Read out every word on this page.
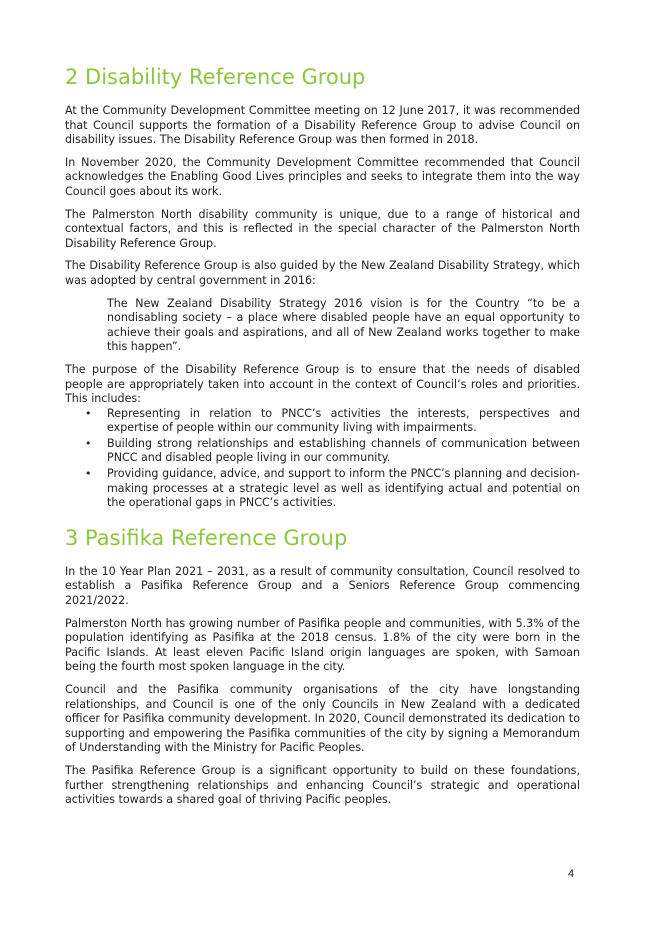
2 Disability Reference Group

At the Community Development Committee meeting on 12 June 2017, it was recommended that Council supports the formation of a Disability Reference Group to advise Council on disability issues. The Disability Reference Group was then formed in 2018.

In November 2020, the Community Development Committee recommended that Council acknowledges the Enabling Good Lives principles and seeks to integrate them into the way Council goes about its work.

The Palmerston North disability community is unique, due to a range of historical and contextual factors, and this is reflected in the special character of the Palmerston North Disability Reference Group.

The Disability Reference Group is also guided by the New Zealand Disability Strategy, which was adopted by central government in 2016:

The New Zealand Disability Strategy 2016 vision is for the Country “to be a nondisabling society – a place where disabled people have an equal opportunity to achieve their goals and aspirations, and all of New Zealand works together to make this happen”.

The purpose of the Disability Reference Group is to ensure that the needs of disabled people are appropriately taken into account in the context of Council’s roles and priorities. This includes:

• Representing in relation to PNCC’s activities the interests, perspectives and expertise of people within our community living with impairments.
• Building strong relationships and establishing channels of communication between PNCC and disabled people living in our community.
• Providing guidance, advice, and support to inform the PNCC’s planning and decision-making processes at a strategic level as well as identifying actual and potential on the operational gaps in PNCC’s activities.
3 Pasifika Reference Group

In the 10 Year Plan 2021 – 2031, as a result of community consultation, Council resolved to establish a Pasifika Reference Group and a Seniors Reference Group commencing 2021/2022.

Palmerston North has growing number of Pasifika people and communities, with 5.3% of the population identifying as Pasifika at the 2018 census. 1.8% of the city were born in the Pacific Islands. At least eleven Pacific Island origin languages are spoken, with Samoan being the fourth most spoken language in the city.

Council and the Pasifika community organisations of the city have longstanding relationships, and Council is one of the only Councils in New Zealand with a dedicated officer for Pasifika community development. In 2020, Council demonstrated its dedication to supporting and empowering the Pasifika communities of the city by signing a Memorandum of Understanding with the Ministry for Pacific Peoples.

The Pasifika Reference Group is a significant opportunity to build on these foundations, further strengthening relationships and enhancing Council’s strategic and operational activities towards a shared goal of thriving Pacific peoples.

4
